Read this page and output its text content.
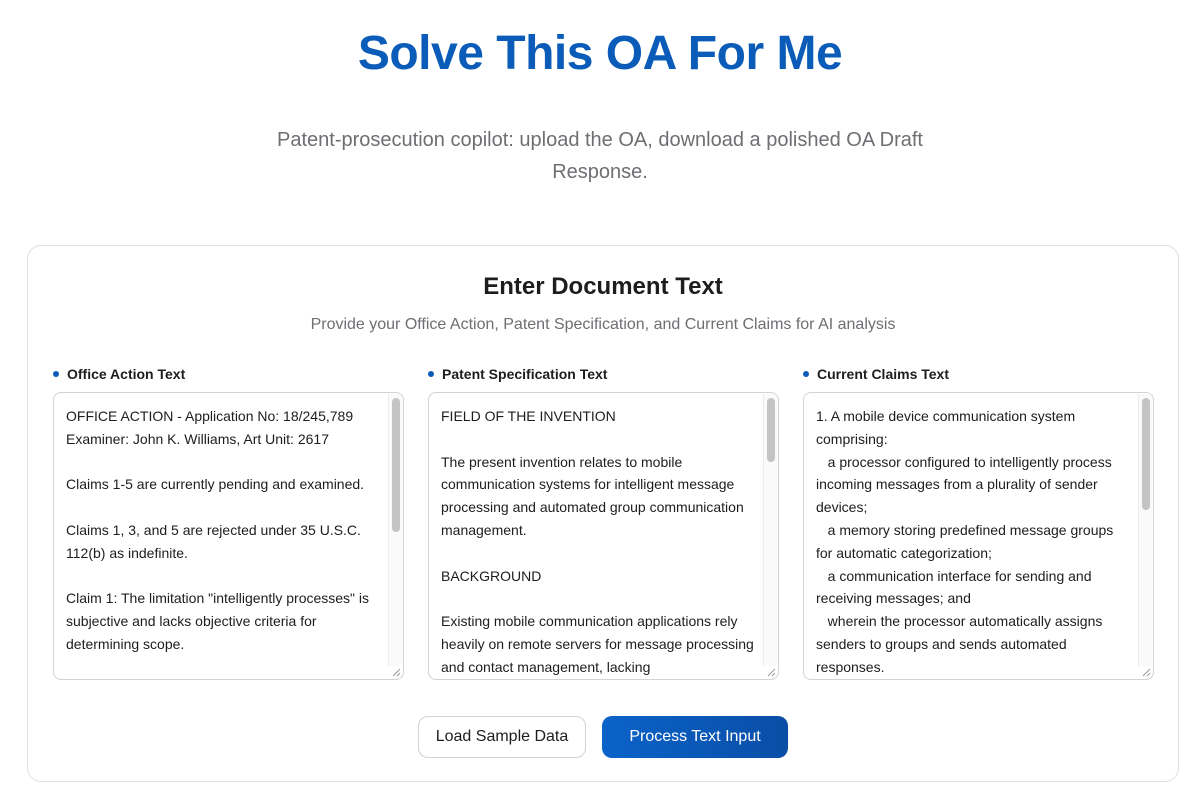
Solve This OA For Me

Patent-prosecution copilot: upload the OA, download a polished OA Draft Response.

Enter Document Text

Provide your Office Action, Patent Specification, and Current Claims for AI analysis

Office Action Text
OFFICE ACTION - Application No: 18/245,789 Examiner: John K. Williams, Art Unit: 2617 Claims 1-5 are currently pending and examined. Claims 1, 3, and 5 are rejected under 35 U.S.C. 112(b) as indefinite. Claim 1: The limitation "intelligently processes" is subjective and lacks objective criteria for determining scope.	Patent Specification Text
FIELD OF THE INVENTION The present invention relates to mobile communication systems for intelligent message processing and automated group communication management. BACKGROUND Existing mobile communication applications rely heavily on remote servers for message processing and contact management, lacking	Current Claims Text
1. A mobile device communication system comprising: a processor configured to intelligently process incoming messages from a plurality of sender devices; a memory storing predefined message groups for automatic categorization; a communication interface for sending and receiving messages; and wherein the processor automatically assigns senders to groups and sends automated responses.
Load Sample Data	Process Text Input
